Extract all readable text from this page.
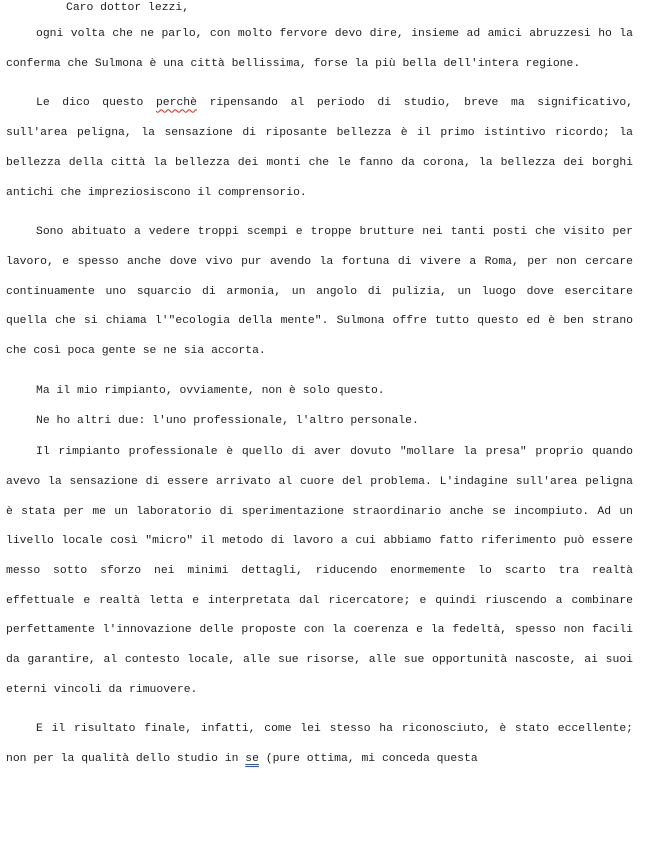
Caro dottor lezzi,

ogni volta che ne parlo, con molto fervore devo dire, insieme ad amici abruzzesi ho la conferma che Sulmona è una città bellissima, forse la più bella dell'intera regione.

Le dico questo perchè ripensando al periodo di studio, breve ma significativo, sull'area peligna, la sensazione di riposante bellezza è il primo istintivo ricordo; la bellezza della città la bellezza dei monti che le fanno da corona, la bellezza dei borghi antichi che impreziosiscono il comprensorio.

Sono abituato a vedere troppi scempi e troppe brutture nei tanti posti che visito per lavoro, e spesso anche dove vivo pur avendo la fortuna di vivere a Roma, per non cercare continuamente uno squarcio di armonia, un angolo di pulizia, un luogo dove esercitare quella che si chiama l'"ecologia della mente". Sulmona offre tutto questo ed è ben strano che così poca gente se ne sia accorta.

Ma il mio rimpianto, ovviamente, non è solo questo.

Ne ho altri due: l'uno professionale, l'altro personale.

Il rimpianto professionale è quello di aver dovuto "mollare la presa" proprio quando avevo la sensazione di essere arrivato al cuore del problema. L'indagine sull'area peligna è stata per me un laboratorio di sperimentazione straordinario anche se incompiuto. Ad un livello locale così "micro" il metodo di lavoro a cui abbiamo fatto riferimento può essere messo sotto sforzo nei minimi dettagli, riducendo enormemente lo scarto tra realtà effettuale e realtà letta e interpretata dal ricercatore; e quindi riuscendo a combinare perfettamente l'innovazione delle proposte con la coerenza e la fedeltà, spesso non facili da garantire, al contesto locale, alle sue risorse, alle sue opportunità nascoste, ai suoi eterni vincoli da rimuovere.

E il risultato finale, infatti, come lei stesso ha riconosciuto, è stato eccellente; non per la qualità dello studio in se (pure ottima, mi conceda questa
